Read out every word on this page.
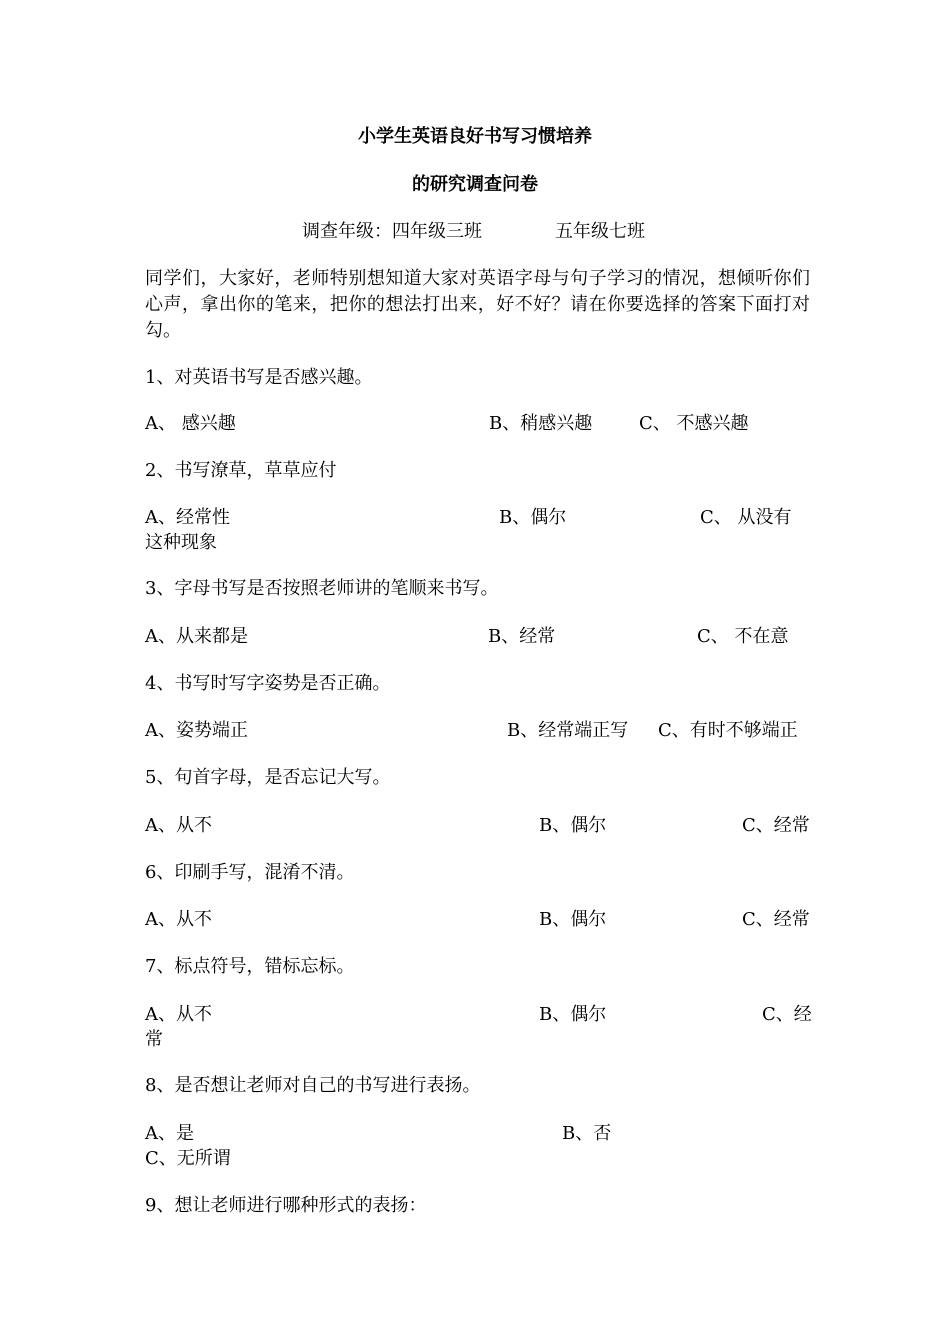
小学生英语良好书写习惯培养
的研究调查问卷
调查年级：四年级三班	五年级七班
同学们，大家好，老师特别想知道大家对英语字母与句子学习的情况，想倾听你们心声，拿出你的笔来，把你的想法打出来，好不好？请在你要选择的答案下面打对勾。
1、对英语书写是否感兴趣。
A、 感兴趣	B、稍感兴趣	C、 不感兴趣
2、书写潦草，草草应付
A、经常性	B、偶尔	C、 从没有
这种现象
3、字母书写是否按照老师讲的笔顺来书写。
A、从来都是	B、经常	C、 不在意
4、书写时写字姿势是否正确。
A、姿势端正	B、经常端正写 C、有时不够端正
5、句首字母，是否忘记大写。
A、从不	B、偶尔	C、经常
6、印刷手写，混淆不清。
A、从不	B、偶尔	C、经常
7、标点符号，错标忘标。
A、从不	B、偶尔	C、经
常
8、是否想让老师对自己的书写进行表扬。
A、是	B、否
C、无所谓
9、想让老师进行哪种形式的表扬：
